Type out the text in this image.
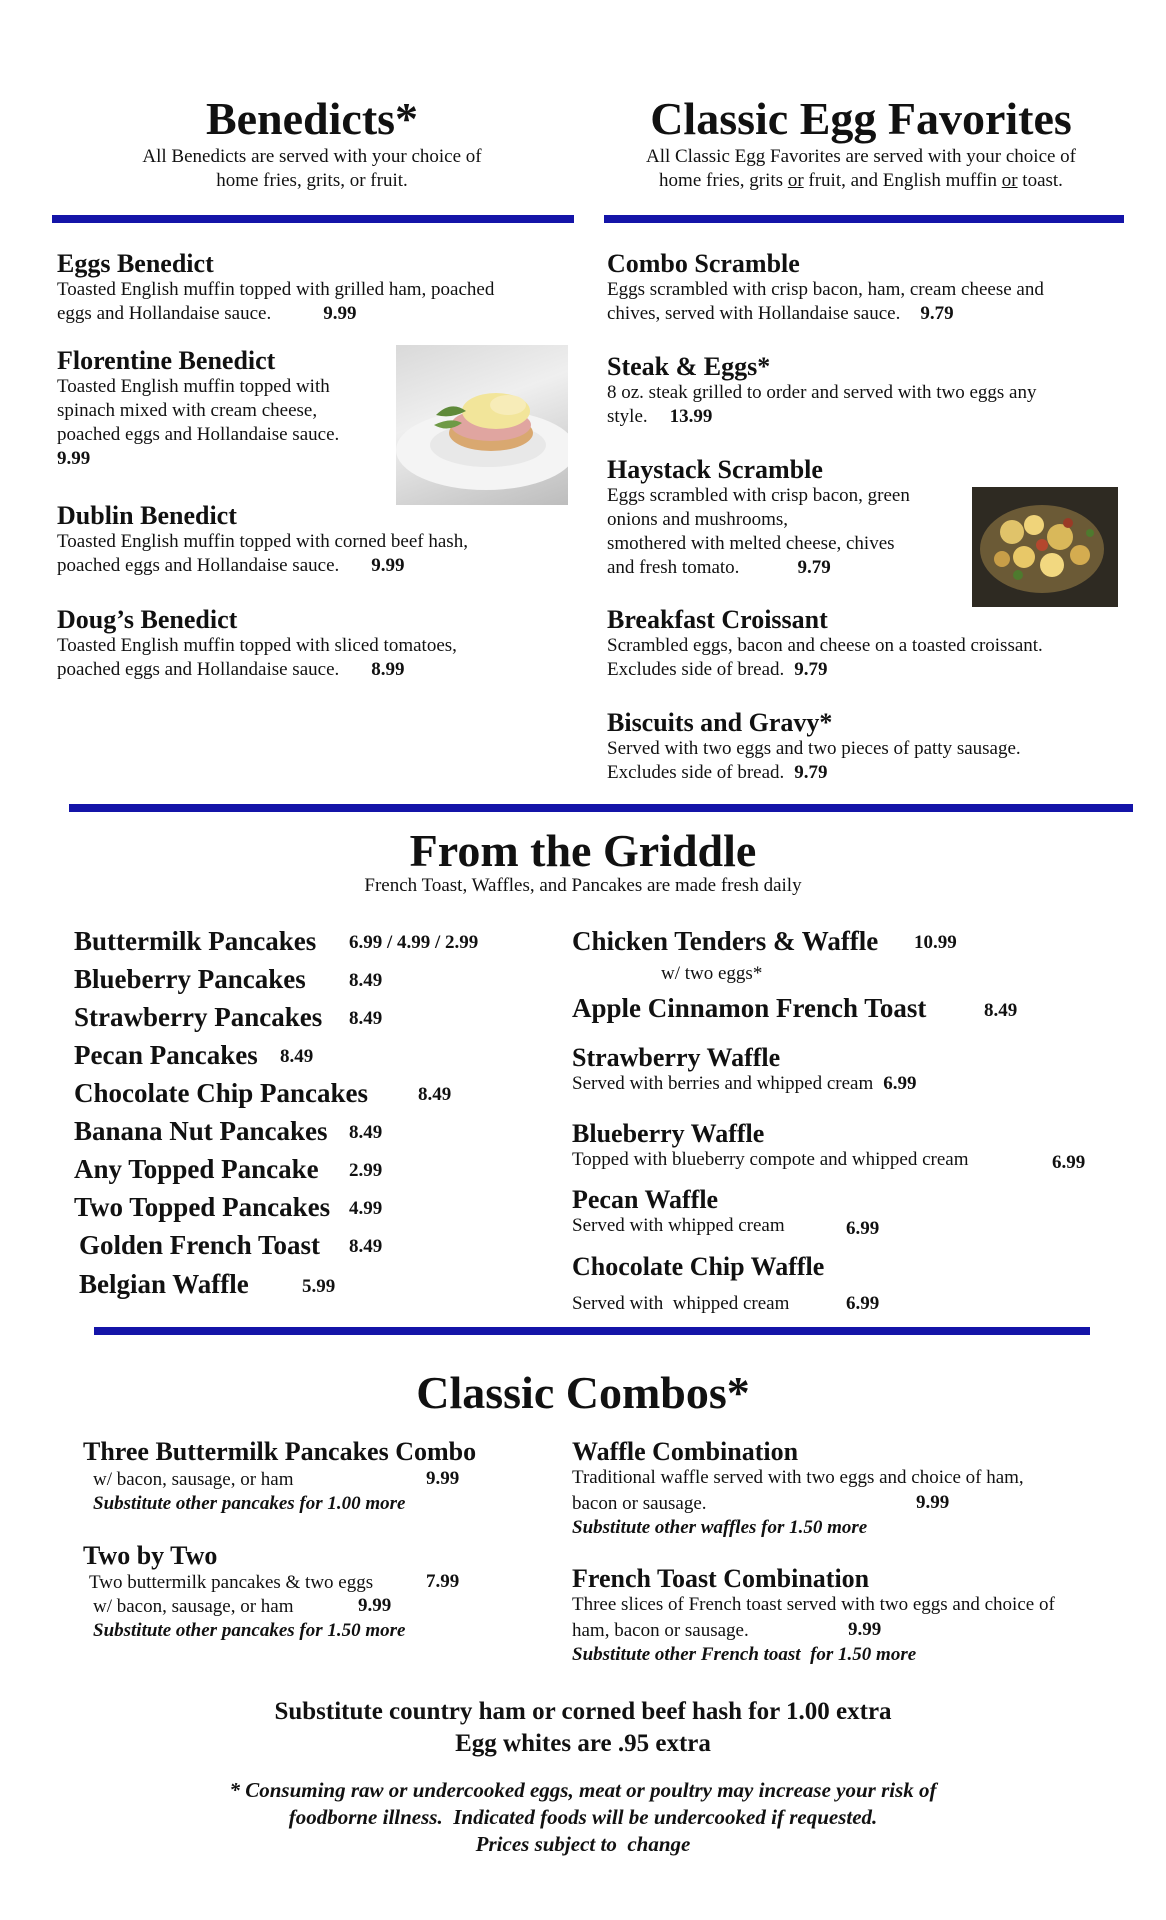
Benedicts*
All Benedicts are served with your choice of
home fries, grits, or fruit.
Classic Egg Favorites
All Classic Egg Favorites are served with your choice of
home fries, grits or fruit, and English muffin or toast.
Eggs Benedict
Toasted English muffin topped with grilled ham, poached
eggs and Hollandaise sauce.	9.99
Florentine Benedict
Toasted English muffin topped with
spinach mixed with cream cheese,
poached eggs and Hollandaise sauce.
9.99
Dublin Benedict
Toasted English muffin topped with corned beef hash,
poached eggs and Hollandaise sauce. 9.99
Doug’s Benedict
Toasted English muffin topped with sliced tomatoes,
poached eggs and Hollandaise sauce. 8.99
Combo Scramble
Eggs scrambled with crisp bacon, ham, cream cheese and
chives, served with Hollandaise sauce. 9.79
Steak & Eggs*
8 oz. steak grilled to order and served with two eggs any
style. 13.99
Haystack Scramble
Eggs scrambled with crisp bacon, green
onions and mushrooms,
smothered with melted cheese, chives
and fresh tomato.	9.79
Breakfast Croissant
Scrambled eggs, bacon and cheese on a toasted croissant.
Excludes side of bread. 9.79
Biscuits and Gravy*
Served with two eggs and two pieces of patty sausage.
Excludes side of bread. 9.79
From the Griddle
French Toast, Waffles, and Pancakes are made fresh daily
Buttermilk Pancakes 6.99 / 4.99 / 2.99
Blueberry Pancakes 8.49
Strawberry Pancakes 8.49
Pecan Pancakes 8.49
Chocolate Chip Pancakes	8.49
Banana Nut Pancakes 8.49
Any Topped Pancake 2.99
Two Topped Pancakes 4.99
Golden French Toast 8.49
Belgian Waffle	5.99
Chicken Tenders & Waffle 10.99
w/ two eggs*
Apple Cinnamon French Toast	8.49
Strawberry Waffle
Served with berries and whipped cream 6.99
Blueberry Waffle
Topped with blueberry compote and whipped cream	6.99
Pecan Waffle
Served with whipped cream	6.99
Chocolate Chip Waffle
Served with  whipped cream	6.99
Classic Combos*
Three Buttermilk Pancakes Combo
w/ bacon, sausage, or ham	9.99
Substitute other pancakes for 1.00 more
Two by Two
Two buttermilk pancakes & two eggs	7.99
w/ bacon, sausage, or ham	9.99
Substitute other pancakes for 1.50 more
Waffle Combination
Traditional waffle served with two eggs and choice of ham,
bacon or sausage.	9.99
Substitute other waffles for 1.50 more
French Toast Combination
Three slices of French toast served with two eggs and choice of
ham, bacon or sausage.	9.99
Substitute other French toast  for 1.50 more
Substitute country ham or corned beef hash for 1.00 extra
Egg whites are .95 extra
* Consuming raw or undercooked eggs, meat or poultry may increase your risk of
foodborne illness.  Indicated foods will be undercooked if requested.
Prices subject to  change
